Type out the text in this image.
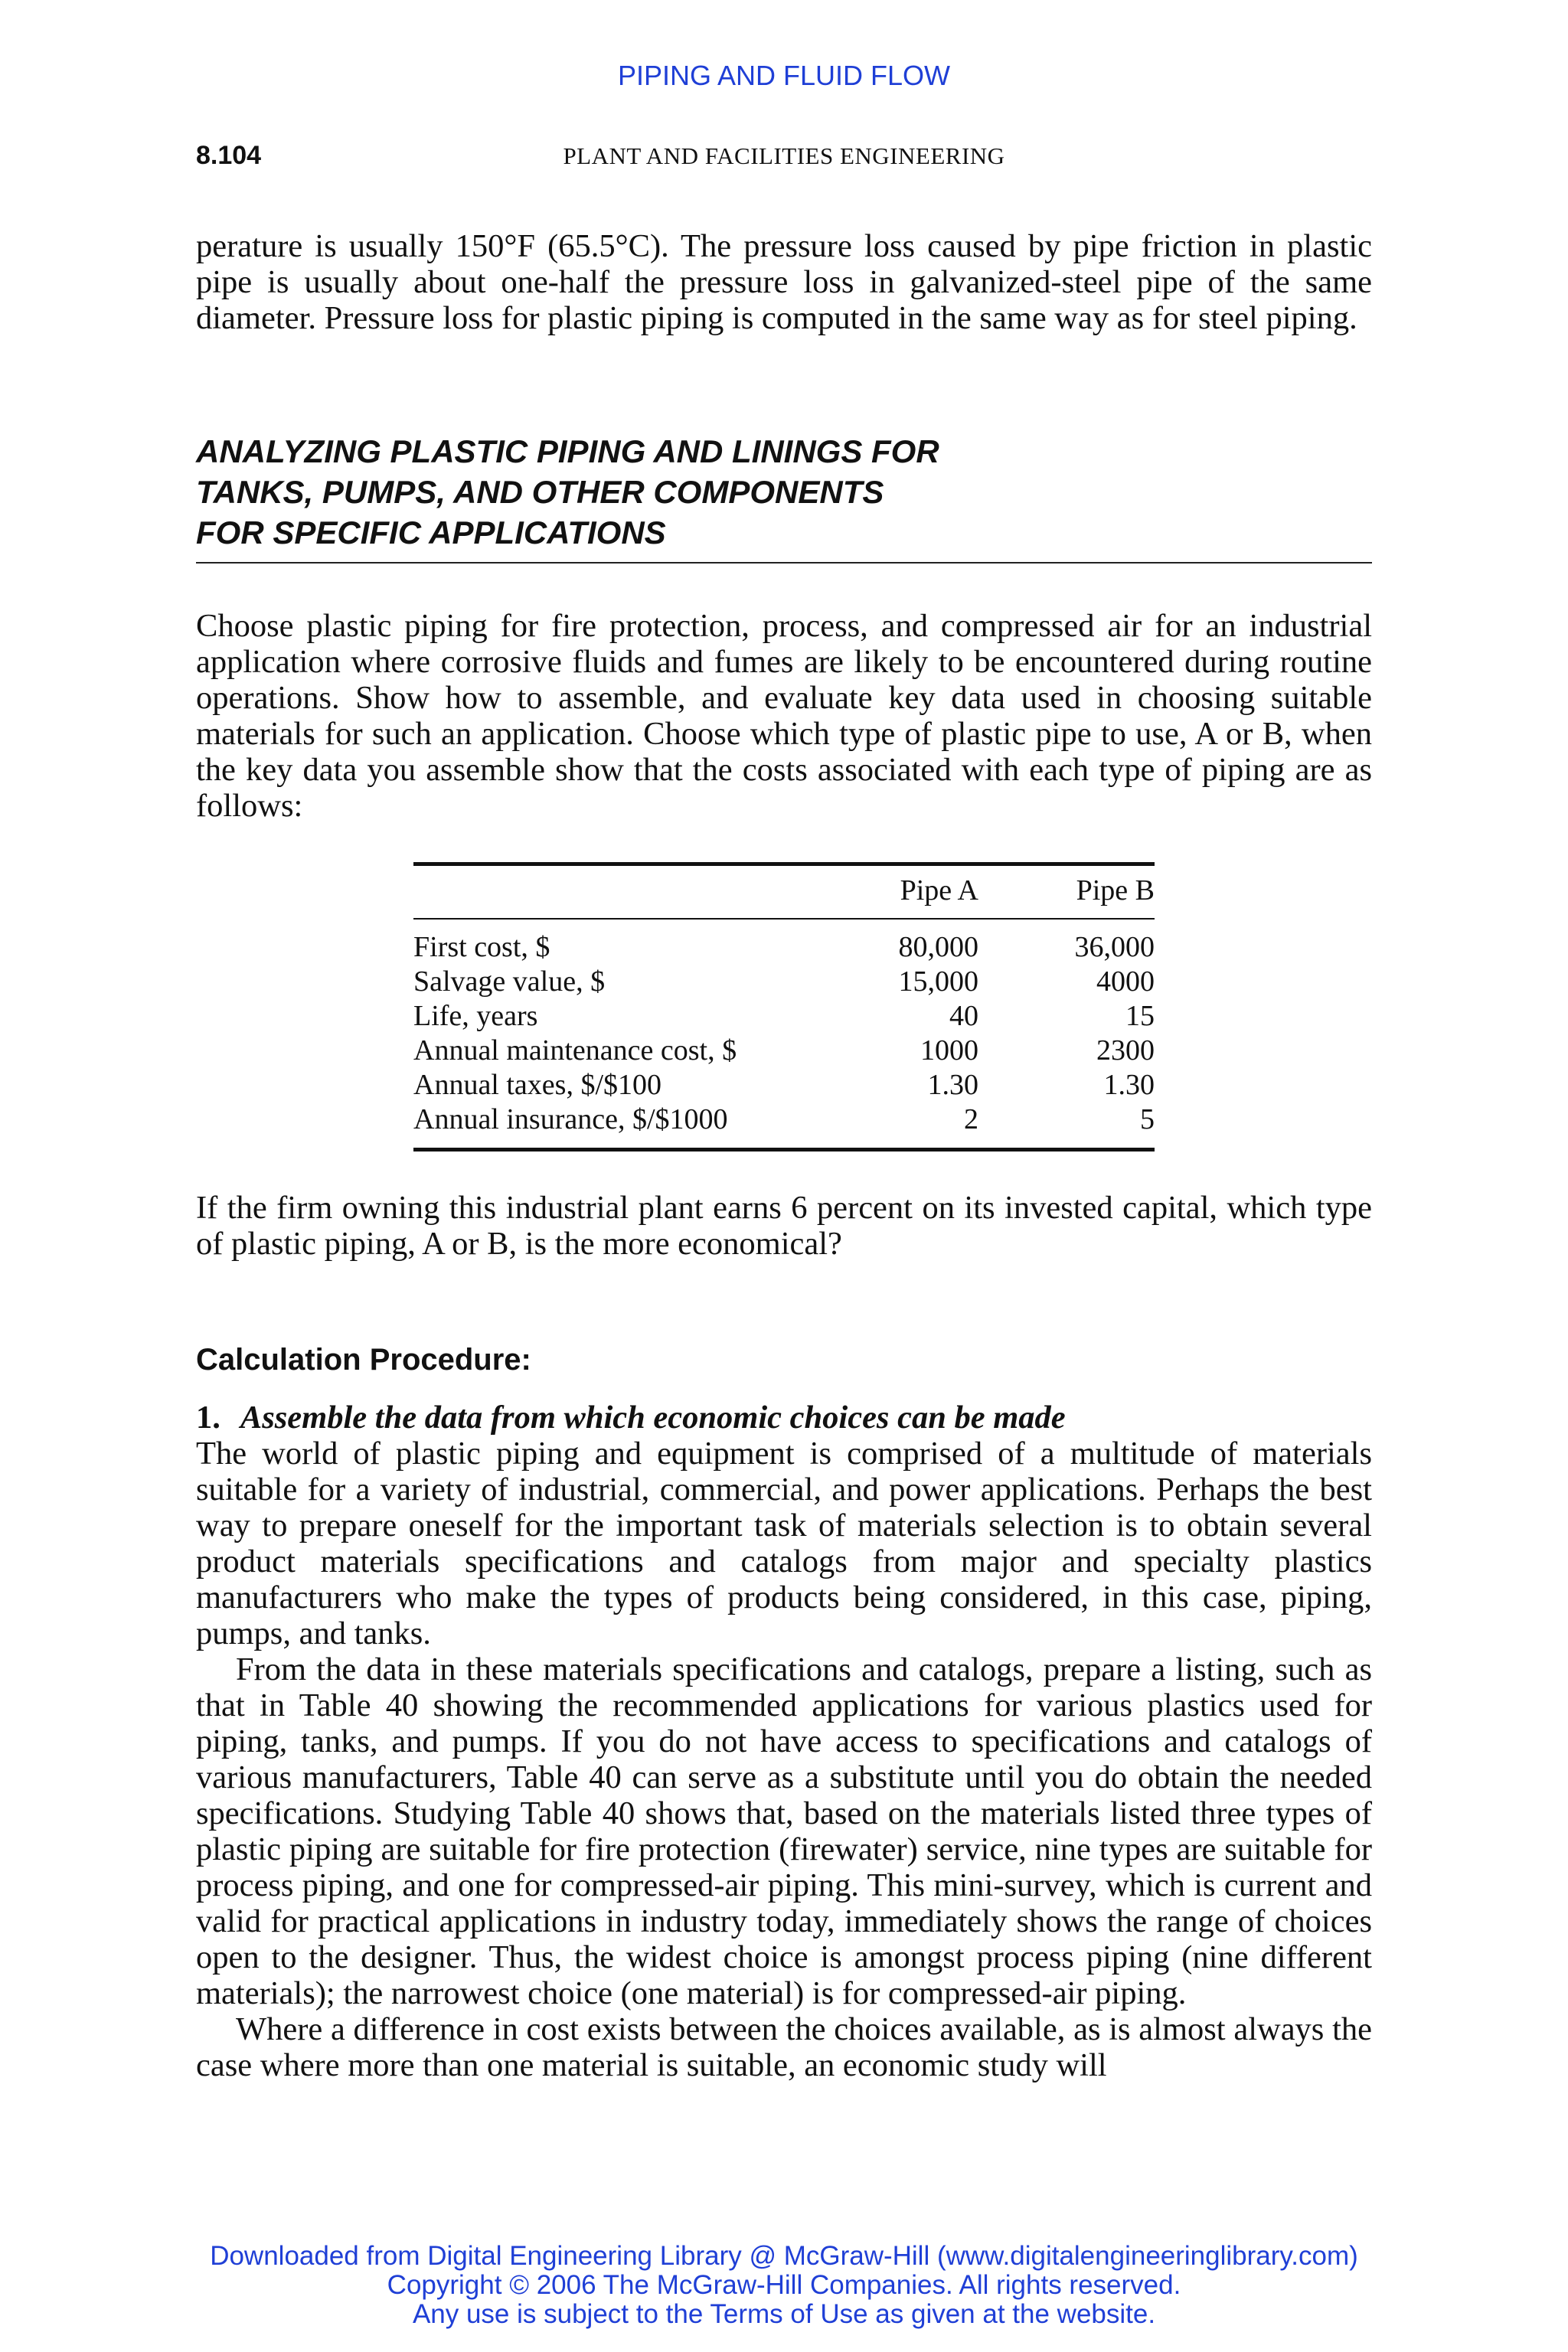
PIPING AND FLUID FLOW
8.104	PLANT AND FACILITIES ENGINEERING

perature is usually 150°F (65.5°C). The pressure loss caused by pipe friction in plastic pipe is usually about one-half the pressure loss in galvanized-steel pipe of the same diameter. Pressure loss for plastic piping is computed in the same way as for steel piping.

ANALYZING PLASTIC PIPING AND LININGS FOR
TANKS, PUMPS, AND OTHER COMPONENTS
FOR SPECIFIC APPLICATIONS

Choose plastic piping for fire protection, process, and compressed air for an industrial application where corrosive fluids and fumes are likely to be encountered during routine operations. Show how to assemble, and evaluate key data used in choosing suitable materials for such an application. Choose which type of plastic pipe to use, A or B, when the key data you assemble show that the costs associated with each type of piping are as follows:

	Pipe A	Pipe B
First cost, $	80,000	36,000
Salvage value, $	15,000	4000
Life, years	40	15
Annual maintenance cost, $	1000	2300
Annual taxes, $/$100	1.30	1.30
Annual insurance, $/$1000	2	5

If the firm owning this industrial plant earns 6 percent on its invested capital, which type of plastic piping, A or B, is the more economical?

Calculation Procedure:
1. Assemble the data from which economic choices can be made

The world of plastic piping and equipment is comprised of a multitude of materials suitable for a variety of industrial, commercial, and power applications. Perhaps the best way to prepare oneself for the important task of materials selection is to obtain several product materials specifications and catalogs from major and specialty plastics manufacturers who make the types of products being considered, in this case, piping, pumps, and tanks.

From the data in these materials specifications and catalogs, prepare a listing, such as that in Table 40 showing the recommended applications for various plastics used for piping, tanks, and pumps. If you do not have access to specifications and catalogs of various manufacturers, Table 40 can serve as a substitute until you do obtain the needed specifications. Studying Table 40 shows that, based on the materials listed three types of plastic piping are suitable for fire protection (firewater) service, nine types are suitable for process piping, and one for compressed-air piping. This mini-survey, which is current and valid for practical applications in industry today, immediately shows the range of choices open to the designer. Thus, the widest choice is amongst process piping (nine different materials); the narrowest choice (one material) is for compressed-air piping.

Where a difference in cost exists between the choices available, as is almost always the case where more than one material is suitable, an economic study will

Downloaded from Digital Engineering Library @ McGraw-Hill (www.digitalengineeringlibrary.com)
Copyright © 2006 The McGraw-Hill Companies. All rights reserved.
Any use is subject to the Terms of Use as given at the website.
